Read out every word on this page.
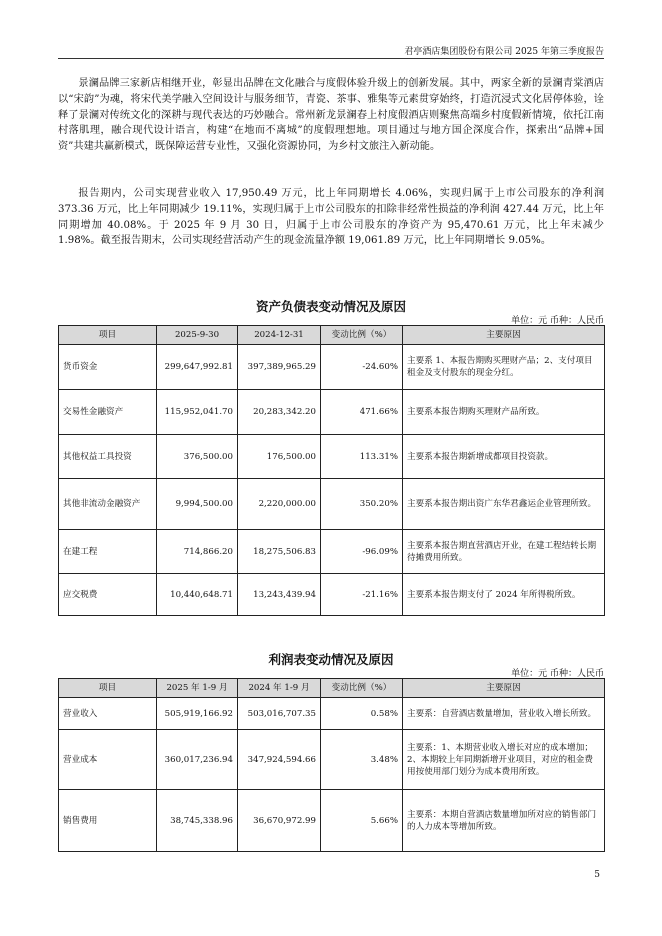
君亭酒店集团股份有限公司 2025 年第三季度报告

景澜品牌三家新店相继开业，彰显出品牌在文化融合与度假体验升级上的创新发展。其中，两家全新的景澜青棠酒店以“宋韵”为魂，将宋代美学融入空间设计与服务细节，青瓷、茶事、雅集等元素贯穿始终，打造沉浸式文化居停体验，诠释了景澜对传统文化的深耕与现代表达的巧妙融合。常州新龙景澜春上村度假酒店则聚焦高端乡村度假新情境，依托江南村落肌理，融合现代设计语言，构建“在地而不离城”的度假理想地。项目通过与地方国企深度合作，探索出“品牌+国资”共建共赢新模式，既保障运营专业性，又强化资源协同，为乡村文旅注入新动能。

报告期内，公司实现营业收入 17,950.49 万元，比上年同期增长 4.06%，实现归属于上市公司股东的净利润 373.36 万元，比上年同期减少 19.11%，实现归属于上市公司股东的扣除非经常性损益的净利润 427.44 万元，比上年同期增加 40.08%。于 2025 年 9 月 30 日，归属于上市公司股东的净资产为 95,470.61 万元，比上年末减少 1.98%。截至报告期末，公司实现经营活动产生的现金流量净额 19,061.89 万元，比上年同期增长 9.05%。

资产负债表变动情况及原因
单位：元 币种：人民币
项目	2025-9-30	2024-12-31	变动比例（%）	主要原因
货币资金	299,647,992.81	397,389,965.29	-24.60%	主要系 1、本报告期购买理财产品；2、支付项目租金及支付股东的现金分红。
交易性金融资产	115,952,041.70	20,283,342.20	471.66%	主要系本报告期购买理财产品所致。
其他权益工具投资	376,500.00	176,500.00	113.31%	主要系本报告期新增成都项目投资款。
其他非流动金融资产	9,994,500.00	2,220,000.00	350.20%	主要系本报告期出资广东华君鑫运企业管理所致。
在建工程	714,866.20	18,275,506.83	-96.09%	主要系本报告期直营酒店开业，在建工程结转长期待摊费用所致。
应交税费	10,440,648.71	13,243,439.94	-21.16%	主要系本报告期支付了 2024 年所得税所致。
利润表变动情况及原因
单位：元 币种：人民币
项目	2025 年 1-9 月	2024 年 1-9 月	变动比例（%）	主要原因
营业收入	505,919,166.92	503,016,707.35	0.58%	主要系：自营酒店数量增加，营业收入增长所致。
营业成本	360,017,236.94	347,924,594.66	3.48%	主要系：1、本期营业收入增长对应的成本增加；2、本期较上年同期新增开业项目，对应的租金费用按使用部门划分为成本费用所致。
销售费用	38,745,338.96	36,670,972.99	5.66%	主要系：本期自营酒店数量增加所对应的销售部门的人力成本等增加所致。
5
